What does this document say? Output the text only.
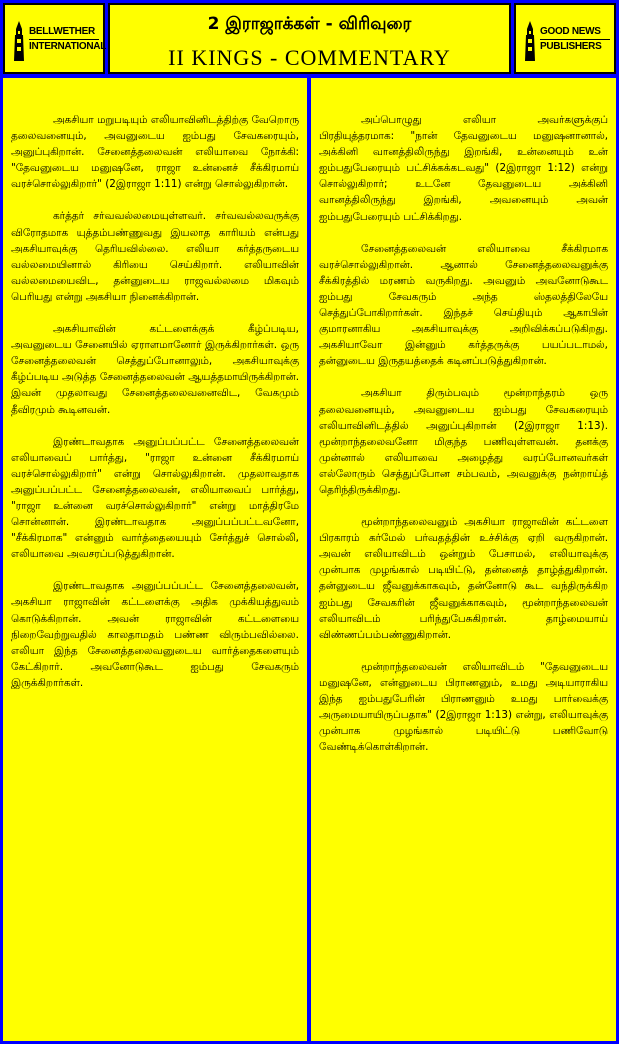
BELLWETHER
INTERNATIONAL
2 இராஜாக்கள் - விரிவுரை
II KINGS - COMMENTARY
GOOD NEWS
PUBLISHERS

அகசியா மறுபடியும் எலியாவினிடத்திற்கு வேறொரு தலைவனையும், அவனுடைய ஐம்பது சேவகரையும், அனுப்புகிறான். சேனைத்தலைவன் எலியாவை நோக்கி: "தேவனுடைய மனுஷனே, ராஜா உன்னைச் சீக்கிரமாய் வரச்சொல்லுகிறார்" (2இராஜா 1:11) என்று சொல்லுகிறான்.

கர்த்தர் சர்வவல்லமையுள்ளவர். சர்வவல்லவருக்கு விரோதமாக யுத்தம்பண்ணுவது இயலாத காரியம் என்பது அகசியாவுக்கு தெரியவில்லை. எலியா கர்த்தருடைய வல்லமையினால் கிரியை செய்கிறார். எலியாவின் வல்லமையைவிட, தன்னுடைய ராஜவல்லமை மிகவும் பெரியது என்று அகசியா நினைக்கிறான்.

அகசியாவின் கட்டளைக்குக் கீழ்ப்படிய, அவனுடைய சேனையில் ஏராளமானோர் இருக்கிறார்கள். ஒரு சேனைத்தலைவன் செத்துப்போனாலும், அகசியாவுக்கு கீழ்ப்படிய அடுத்த சேனைத்தலைவன் ஆயத்தமாயிருக்கிறான். இவன் முதலாவது சேனைத்தலைவனைவிட, வேகமும் தீவிரமும் கூடினவன்.

இரண்டாவதாக அனுப்பப்பட்ட சேனைத்தலைவன் எலியாவைப் பார்த்து, "ராஜா உன்னை சீக்கிரமாய் வரச்சொல்லுகிறார்" என்று சொல்லுகிறான். முதலாவதாக அனுப்பப்பட்ட சேனைத்தலைவன், எலியாவைப் பார்த்து, "ராஜா உன்னை வரச்சொல்லுகிறார்" என்று மாத்திரமே சொன்னான். இரண்டாவதாக அனுப்பப்பட்டவனோ, "சீக்கிரமாக" என்னும் வார்த்தையையும் சேர்த்துச் சொல்லி, எலியாவை அவசரப்படுத்துகிறான்.

இரண்டாவதாக அனுப்பப்பட்ட சேனைத்தலைவன், அகசியா ராஜாவின் கட்டளைக்கு அதிக முக்கியத்துவம் கொடுக்கிறான். அவன் ராஜாவின் கட்டளையை நிறைவேற்றுவதில் காலதாமதம் பண்ண விரும்பவில்லை. எலியா இந்த சேனைத்தலைவனுடைய வார்த்தைகளையும் கேட்கிறார். அவனோடுகூட ஐம்பது சேவகரும் இருக்கிறார்கள்.

அப்பொழுது எலியா அவர்களுக்குப் பிரதியுத்தரமாக: "நான் தேவனுடைய மனுஷனானால், அக்கினி வானத்திலிருந்து இறங்கி, உன்னையும் உன் ஐம்பதுபேரையும் பட்சிக்கக்கடவது" (2இராஜா 1:12) என்று சொல்லுகிறார்; உடனே தேவனுடைய அக்கினி வானத்திலிருந்து இறங்கி, அவனையும் அவன் ஐம்பதுபேரையும் பட்சிக்கிறது.

சேனைத்தலைவன் எலியாவை சீக்கிரமாக வரச்சொல்லுகிறான். ஆனால் சேனைத்தலைவனுக்கு சீக்கிரத்தில் மரணம் வருகிறது. அவனும் அவனோடுகூட ஐம்பது சேவகரும் அந்த ஸ்தலத்திலேயே செத்துப்போகிறார்கள். இந்தச் செய்தியும் ஆகாபின் குமாரனாகிய அகசியாவுக்கு அறிவிக்கப்படுகிறது. அகசியாவோ இன்னும் கர்த்தருக்கு பயப்படாமல், தன்னுடைய இருதயத்தைக் கடினப்படுத்துகிறான்.

அகசியா திரும்பவும் மூன்றாந்தரம் ஒரு தலைவனையும், அவனுடைய ஐம்பது சேவகரையும் எலியாவினிடத்தில் அனுப்புகிறான் (2இராஜா 1:13). மூன்றாந்தலைவனோ மிகுந்த பணிவுள்ளவன். தனக்கு முன்னால் எலியாவை அழைத்து வரப்போனவர்கள் எல்லோரும் செத்துப்போன சம்பவம், அவனுக்கு நன்றாய்த் தெரிந்திருக்கிறது.

மூன்றாந்தலைவனும் அகசியா ராஜாவின் கட்டளை பிரகாரம் கர்மேல் பர்வதத்தின் உச்சிக்கு ஏறி வருகிறான். அவன் எலியாவிடம் ஒன்றும் பேசாமல், எலியாவுக்கு முன்பாக முழங்கால் படியிட்டு, தன்னைத் தாழ்த்துகிறான். தன்னுடைய ஜீவனுக்காகவும், தன்னோடு கூட வந்திருக்கிற ஐம்பது சேவகரின் ஜீவனுக்காகவும், மூன்றாந்தலைவன் எலியாவிடம் பரிந்துபேசுகிறான். தாழ்மையாய் விண்ணப்பம்பண்ணுகிறான்.

மூன்றாந்தலைவன் எலியாவிடம் "தேவனுடைய மனுஷனே, என்னுடைய பிராணனும், உமது அடியாராகிய இந்த ஐம்பதுபேரின் பிராணனும் உமது பார்வைக்கு அருமையாயிருப்பதாக" (2இராஜா 1:13) என்று, எலியாவுக்கு முன்பாக முழங்கால் படியிட்டு பணிவோடு வேண்டிக்கொள்கிறான்.
